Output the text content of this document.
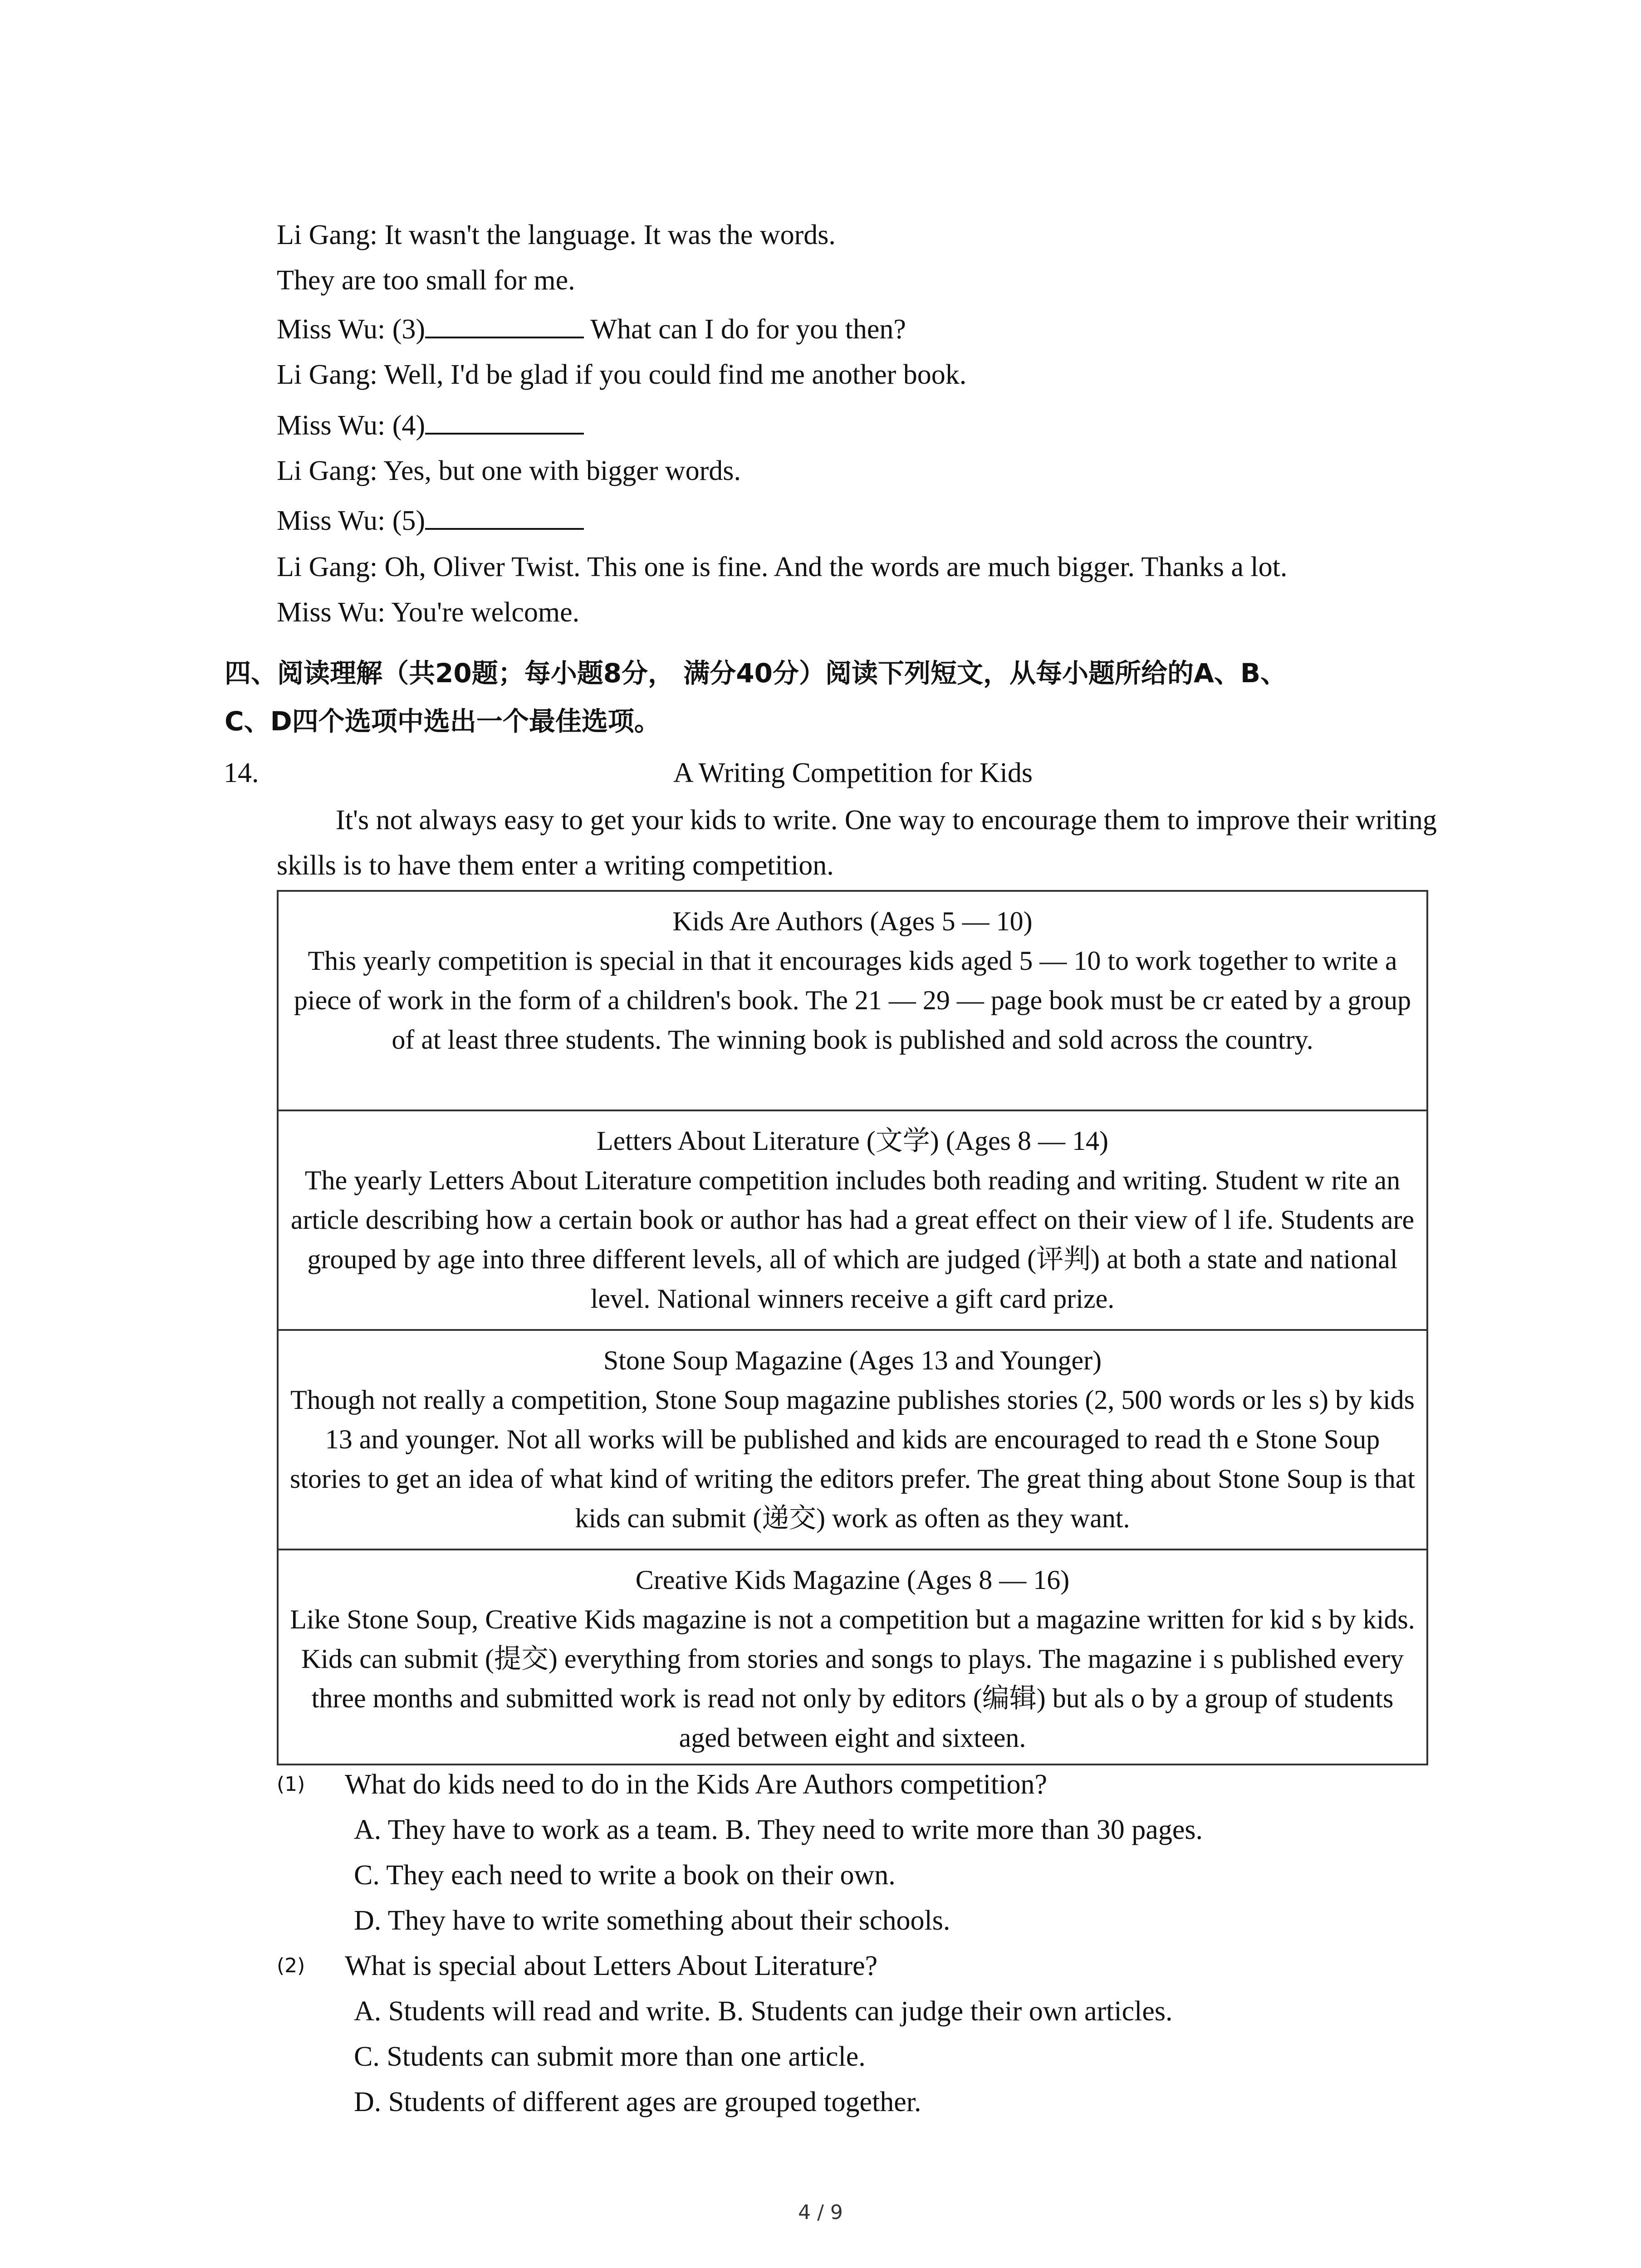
Li Gang: It wasn't the language. It was the words.
They are too small for me.
Miss Wu: (3)	What can I do for you then?
Li Gang: Well, I'd be glad if you could find me another book.
Miss Wu: (4)
Li Gang: Yes, but one with bigger words.
Miss Wu: (5)
Li Gang: Oh, Oliver Twist. This one is fine. And the words are much bigger. Thanks a lot.
Miss Wu: You're welcome.
四、阅读理解（共20题；每小题8分， 满分40分）阅读下列短文，从每小题所给的A、B、
C、D四个选项中选出一个最佳选项。
14.	A Writing Competition for Kids
It's not always easy to get your kids to write. One way to encourage them to improve their writing skills is to have them enter a writing competition.
Kids Are Authors (Ages 5 — 10)
This yearly competition is special in that it encourages kids aged 5 — 10 to work together to write a piece of work in the form of a children's book. The 21 — 29 — page book must be cr eated by a group of at least three students. The winning book is published and sold across the country.
Letters About Literature (文学) (Ages 8 — 14)
The yearly Letters About Literature competition includes both reading and writing. Student w rite an article describing how a certain book or author has had a great effect on their view of l ife. Students are grouped by age into three different levels, all of which are judged (评判) at both a state and national level. National winners receive a gift card prize.
Stone Soup Magazine (Ages 13 and Younger)
Though not really a competition, Stone Soup magazine publishes stories (2, 500 words or les s) by kids 13 and younger. Not all works will be published and kids are encouraged to read th e Stone Soup stories to get an idea of what kind of writing the editors prefer. The great thing about Stone Soup is that kids can submit (递交) work as often as they want.
Creative Kids Magazine (Ages 8 — 16)
Like Stone Soup, Creative Kids magazine is not a competition but a magazine written for kid s by kids. Kids can submit (提交) everything from stories and songs to plays. The magazine i s published every three months and submitted work is read not only by editors (编辑) but als o by a group of students aged between eight and sixteen.
(1) What do kids need to do in the Kids Are Authors competition?
A. They have to work as a team. B. They need to write more than 30 pages.
C. They each need to write a book on their own.
D. They have to write something about their schools.
(2) What is special about Letters About Literature?
A. Students will read and write. B. Students can judge their own articles.
C. Students can submit more than one article.
D. Students of different ages are grouped together.
4 / 9
